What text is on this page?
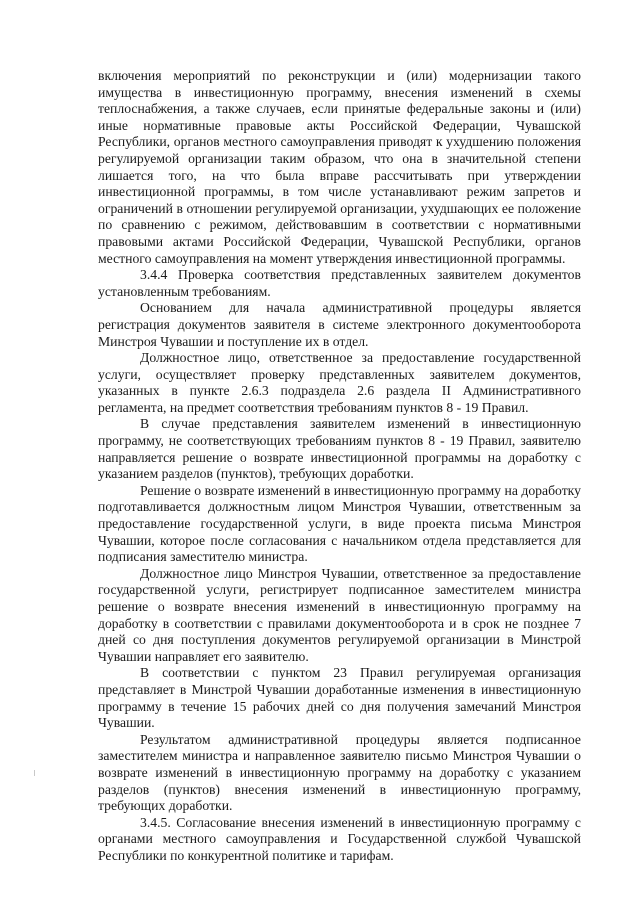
включения мероприятий по реконструкции и (или) модернизации такого имущества в инвестиционную программу, внесения изменений в схемы теплоснабжения, а также случаев, если принятые федеральные законы и (или) иные нормативные правовые акты Российской Федерации, Чувашской Республики, органов местного самоуправления приводят к ухудшению положения регулируемой организации таким образом, что она в значительной степени лишается того, на что была вправе рассчитывать при утверждении инвестиционной программы, в том числе устанавливают режим запретов и ограничений в отношении регулируемой организации, ухудшающих ее положение по сравнению с режимом, действовавшим в соответствии с нормативными правовыми актами Российской Федерации, Чувашской Республики, органов местного самоуправления на момент утверждения инвестиционной программы.

3.4.4 Проверка соответствия представленных заявителем документов установленным требованиям.

Основанием для начала административной процедуры является регистрация документов заявителя в системе электронного документооборота Минстроя Чувашии и поступление их в отдел.

Должностное лицо, ответственное за предоставление государственной услуги, осуществляет проверку представленных заявителем документов, указанных в пункте 2.6.3 подраздела 2.6 раздела II Административного регламента, на предмет соответствия требованиям пунктов 8 - 19 Правил.

В случае представления заявителем изменений в инвестиционную программу, не соответствующих требованиям пунктов 8 - 19 Правил, заявителю направляется решение о возврате инвестиционной программы на доработку с указанием разделов (пунктов), требующих доработки.

Решение о возврате изменений в инвестиционную программу на доработку подготавливается должностным лицом Минстроя Чувашии, ответственным за предоставление государственной услуги, в виде проекта письма Минстроя Чувашии, которое после согласования с начальником отдела представляется для подписания заместителю министра.

Должностное лицо Минстроя Чувашии, ответственное за предоставление государственной услуги, регистрирует подписанное заместителем министра решение о возврате внесения изменений в инвестиционную программу на доработку в соответствии с правилами документооборота и в срок не позднее 7 дней со дня поступления документов регулируемой организации в Минстрой Чувашии направляет его заявителю.

В соответствии с пунктом 23 Правил регулируемая организация представляет в Минстрой Чувашии доработанные изменения в инвестиционную программу в течение 15 рабочих дней со дня получения замечаний Минстроя Чувашии.

Результатом административной процедуры является подписанное заместителем министра и направленное заявителю письмо Минстроя Чувашии о возврате изменений в инвестиционную программу на доработку с указанием разделов (пунктов) внесения изменений в инвестиционную программу, требующих доработки.

3.4.5. Согласование внесения изменений в инвестиционную программу с органами местного самоуправления и Государственной службой Чувашской Республики по конкурентной политике и тарифам.
